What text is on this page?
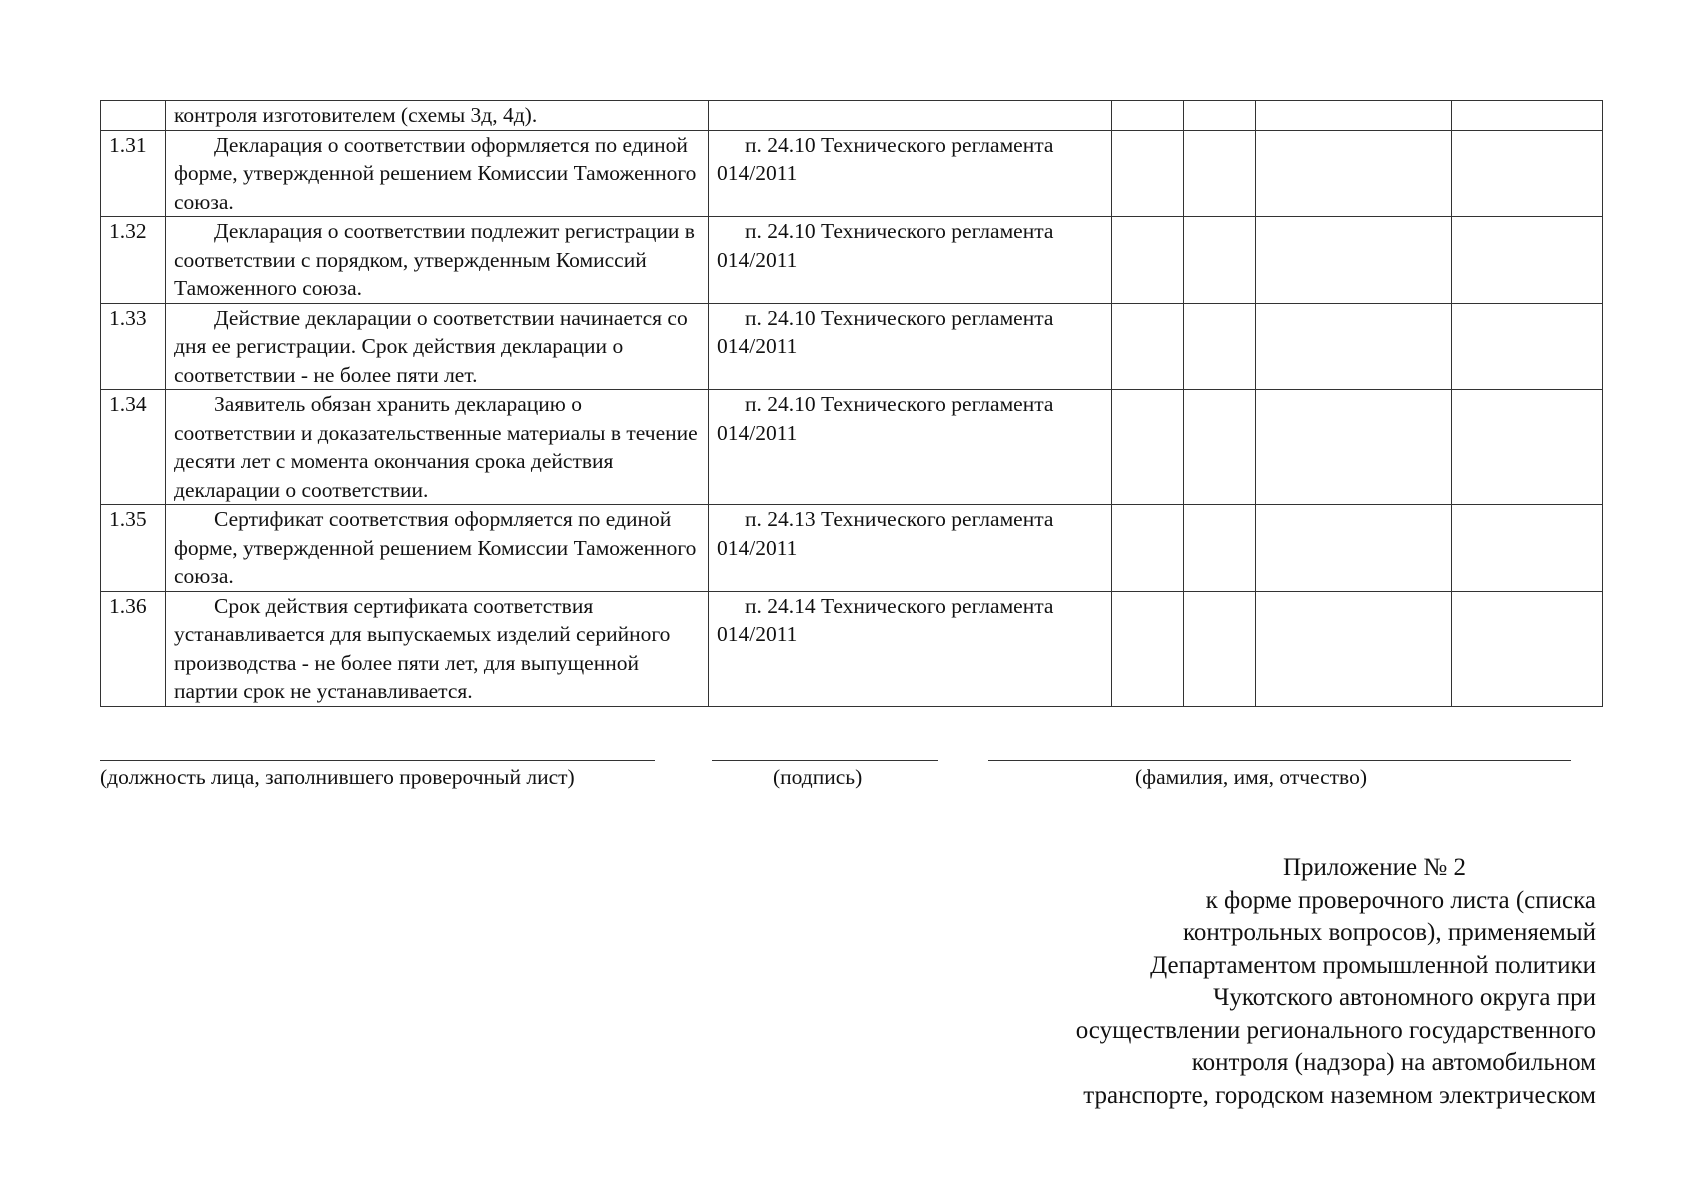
	контроля изготовителем (схемы 3д, 4д).					

1.31	Декларация о соответствии оформляется по единой форме, утвержденной решением Комиссии Таможенного союза.	п. 24.10 Технического регламента 014/2011				

1.32	Декларация о соответствии подлежит регистрации в соответствии с порядком, утвержденным Комиссий Таможенного союза.	п. 24.10 Технического регламента 014/2011				

1.33	Действие декларации о соответствии начинается со дня ее регистрации. Срок действия декларации о соответствии - не более пяти лет.	п. 24.10 Технического регламента 014/2011				

1.34	Заявитель обязан хранить декларацию о соответствии и доказательственные материалы в течение десяти лет с момента окончания срока действия декларации о соответствии.	п. 24.10 Технического регламента 014/2011				

1.35	Сертификат соответствия оформляется по единой форме, утвержденной решением Комиссии Таможенного союза.	п. 24.13 Технического регламента 014/2011				

1.36	Срок действия сертификата соответствия устанавливается для выпускаемых изделий серийного производства - не более пяти лет, для выпущенной партии срок не устанавливается.	п. 24.14 Технического регламента 014/2011				

(должность лица, заполнившего проверочный лист)	(подпись)	(фамилия, имя, отчество)
Приложение № 2
к форме проверочного листа (списка
контрольных вопросов), применяемый
Департаментом промышленной политики
Чукотского автономного округа при
осуществлении регионального государственного
контроля (надзора) на автомобильном
транспорте, городском наземном электрическом
